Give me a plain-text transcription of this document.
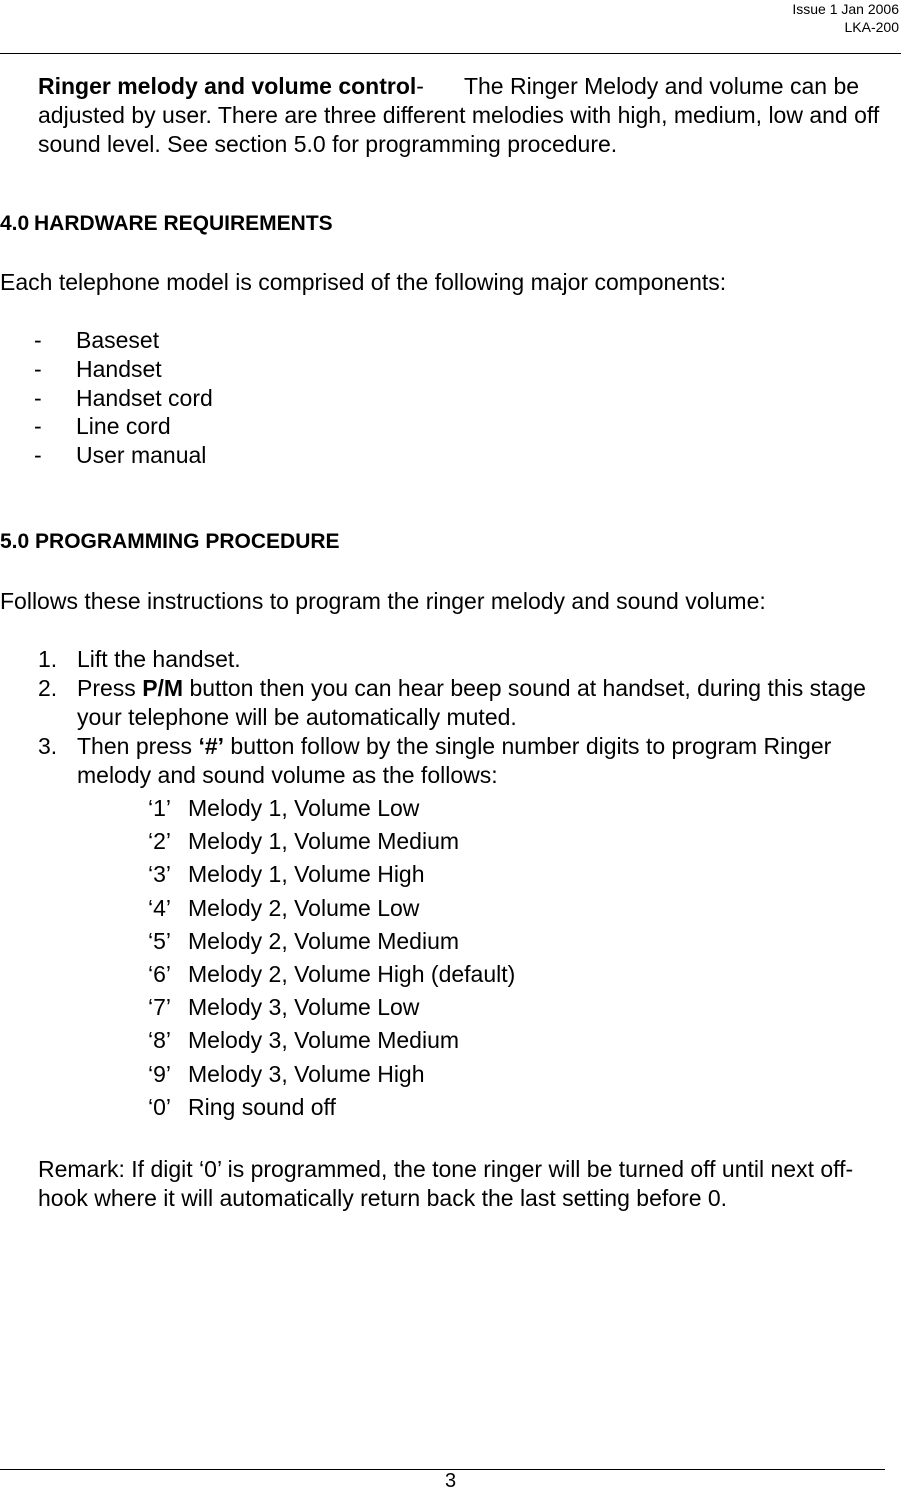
Issue 1 Jan 2006
LKA-200
Ringer melody and volume control- The Ringer Melody and volume can be adjusted by user. There are three different melodies with high, medium, low and off sound level. See section 5.0 for programming procedure.
4.0 HARDWARE REQUIREMENTS
Each telephone model is comprised of the following major components:
-	Baseset
-	Handset
-	Handset cord
-	Line cord
-	User manual
5.0 PROGRAMMING PROCEDURE
Follows these instructions to program the ringer melody and sound volume:
1. Lift the handset.
2. Press P/M button then you can hear beep sound at handset, during this stage your telephone will be automatically muted.
3. Then press ‘#’ button follow by the single number digits to program Ringer melody and sound volume as the follows:
‘1’ Melody 1, Volume Low
‘2’ Melody 1, Volume Medium
‘3’ Melody 1, Volume High
‘4’ Melody 2, Volume Low
‘5’ Melody 2, Volume Medium
‘6’ Melody 2, Volume High (default)
‘7’ Melody 3, Volume Low
‘8’ Melody 3, Volume Medium
‘9’ Melody 3, Volume High
‘0’ Ring sound off
Remark: If digit ‘0’ is programmed, the tone ringer will be turned off until next off-hook where it will automatically return back the last setting before 0.
3
